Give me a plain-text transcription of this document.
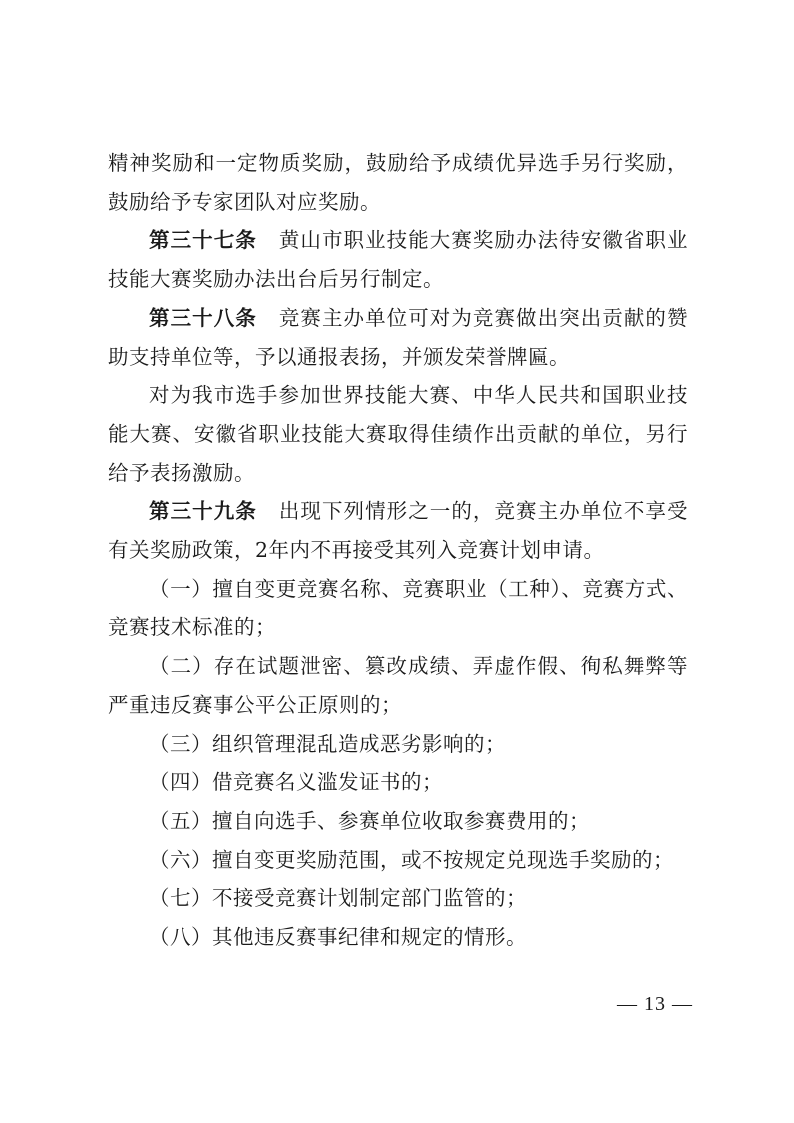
精神奖励和一定物质奖励，鼓励给予成绩优异选手另行奖励，鼓励给予专家团队对应奖励。

第三十七条 黄山市职业技能大赛奖励办法待安徽省职业技能大赛奖励办法出台后另行制定。

第三十八条 竞赛主办单位可对为竞赛做出突出贡献的赞助支持单位等，予以通报表扬，并颁发荣誉牌匾。

对为我市选手参加世界技能大赛、中华人民共和国职业技能大赛、安徽省职业技能大赛取得佳绩作出贡献的单位，另行给予表扬激励。

第三十九条 出现下列情形之一的，竞赛主办单位不享受有关奖励政策，2年内不再接受其列入竞赛计划申请。

（一）擅自变更竞赛名称、竞赛职业（工种）、竞赛方式、竞赛技术标准的；

（二）存在试题泄密、篡改成绩、弄虚作假、徇私舞弊等严重违反赛事公平公正原则的；

（三）组织管理混乱造成恶劣影响的；

（四）借竞赛名义滥发证书的；

（五）擅自向选手、参赛单位收取参赛费用的；

（六）擅自变更奖励范围，或不按规定兑现选手奖励的；

（七）不接受竞赛计划制定部门监管的；

（八）其他违反赛事纪律和规定的情形。

— 13 —
